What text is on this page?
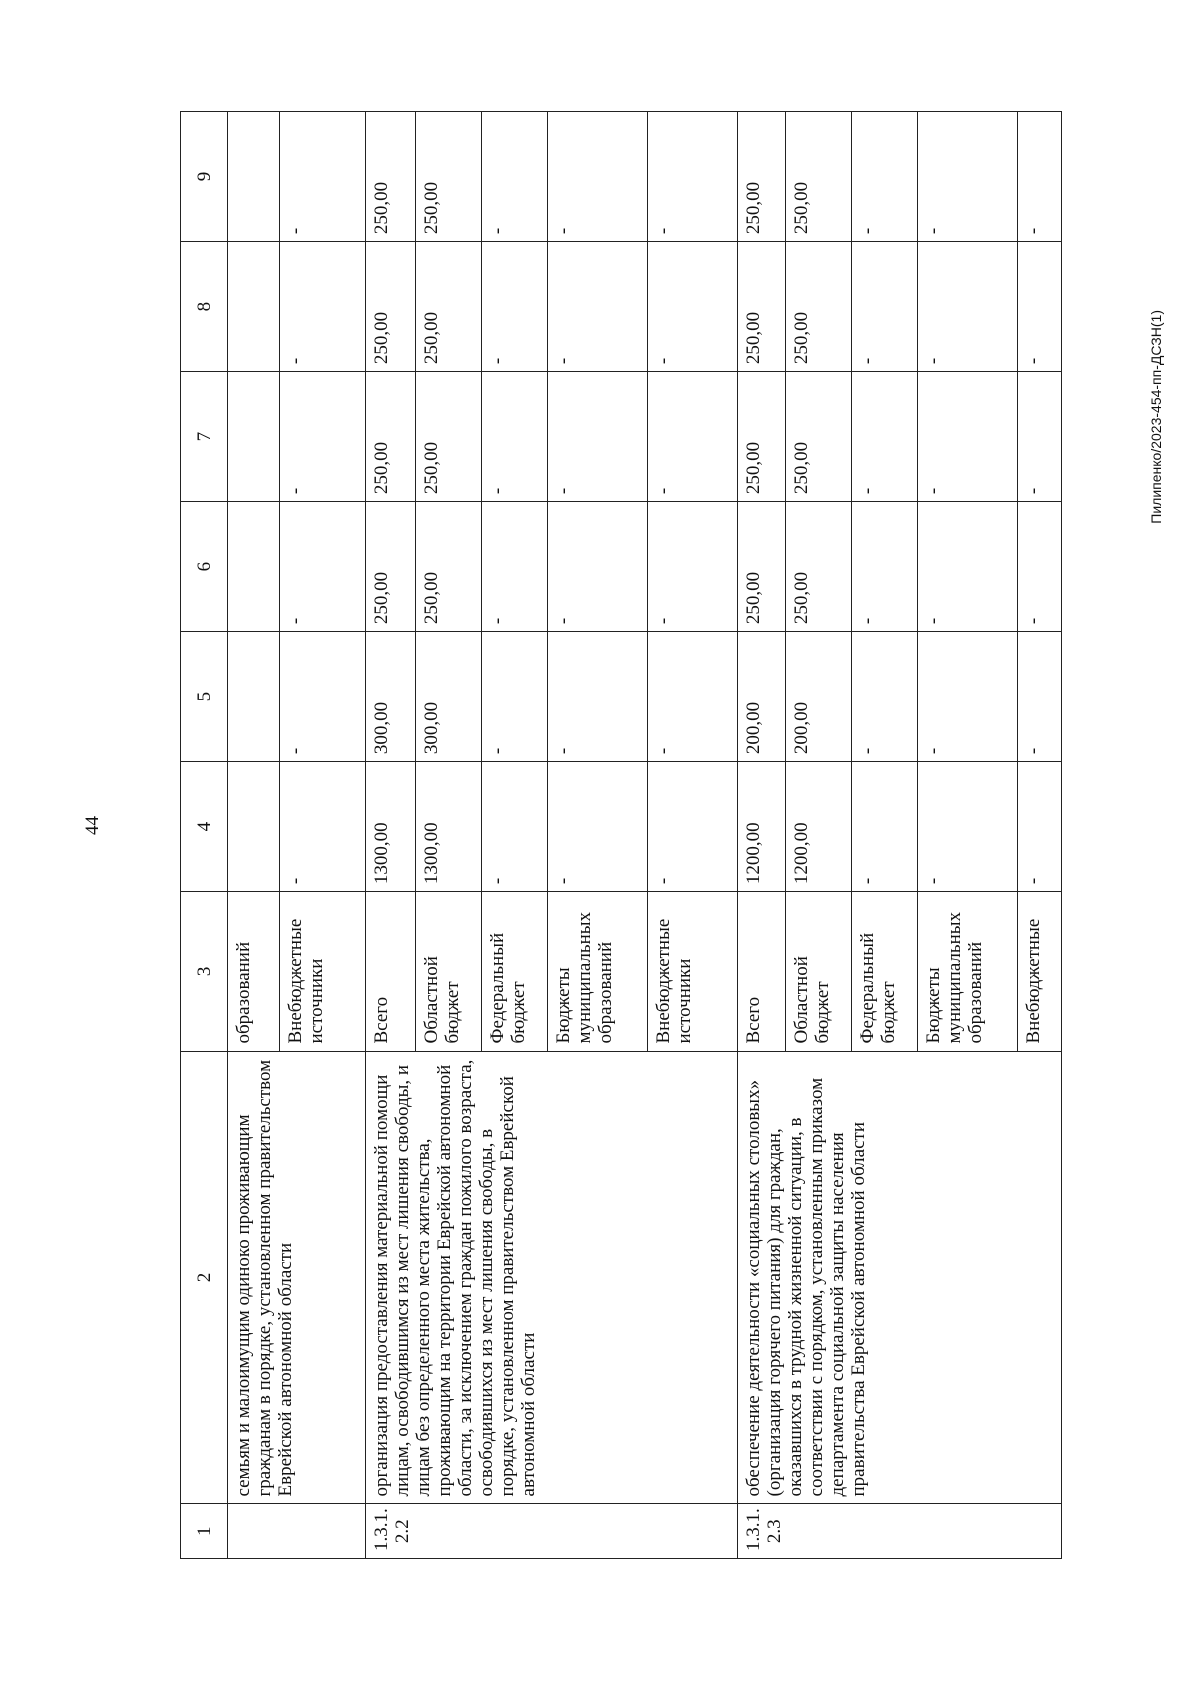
44
1	2	3	4	5	6	7	8	9
	семьям и малоимущим одиноко проживающим гражданам в порядке, установленном правительством Еврейской автономной области	образований						
		Внебюджетные источники	-	-	-	-	-	-
1.3.1. 2.2	организация предоставления материальной помощи лицам, освободившимся из мест лишения свободы, и лицам без определенного места жительства, проживающим на территории Еврейской автономной области, за исключением граждан пожилого возраста, освободившихся из мест лишения свободы, в порядке, установленном правительством Еврейской автономной области	Всего	1300,00	300,00	250,00	250,00	250,00	250,00
		Областной бюджет	1300,00	300,00	250,00	250,00	250,00	250,00
		Федеральный бюджет	-	-	-	-	-	-
		Бюджеты муниципальных образований	-	-	-	-	-	-
		Внебюджетные источники	-	-	-	-	-	-
1.3.1. 2.3	обеспечение деятельности «социальных столовых» (организация горячего питания) для граждан, оказавшихся в трудной жизненной ситуации, в соответствии с порядком, установленным приказом департамента социальной защиты населения правительства Еврейской автономной области	Всего	1200,00	200,00	250,00	250,00	250,00	250,00
		Областной бюджет	1200,00	200,00	250,00	250,00	250,00	250,00
		Федеральный бюджет	-	-	-	-	-	-
		Бюджеты муниципальных образований	-	-	-	-	-	-
		Внебюджетные	-	-	-	-	-	-
Пилипенко/2023-454-пп-ДСЗН(1)
